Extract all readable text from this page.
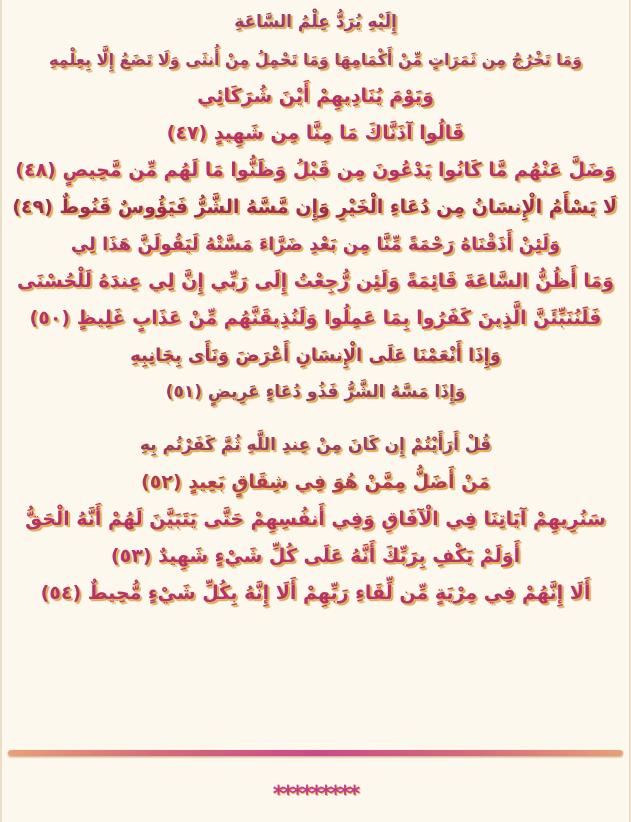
إِلَيْهِ يُرَدُّ عِلْمُ السَّاعَةِ
وَمَا تَخْرُجُ مِن ثَمَرَاتٍ مِّنْ أَكْمَامِهَا وَمَا تَحْمِلُ مِنْ أُنثَى وَلَا تَضَعُ إِلَّا بِعِلْمِهِ
وَيَوْمَ يُنَادِيهِمْ أَيْنَ شُرَكَائِي
قَالُوا آذَنَّاكَ مَا مِنَّا مِن شَهِيدٍ (٤٧)
وَضَلَّ عَنْهُم مَّا كَانُوا يَدْعُونَ مِن قَبْلُ وَظَنُّوا مَا لَهُم مِّن مَّحِيصٍ (٤٨)
لَا يَسْأَمُ الْإِنسَانُ مِن دُعَاءِ الْخَيْرِ وَإِن مَّسَّهُ الشَّرُّ فَيَؤُوسٌ قَنُوطٌ (٤٩)
وَلَئِنْ أَذَقْنَاهُ رَحْمَةً مِّنَّا مِن بَعْدِ ضَرَّاءَ مَسَّتْهُ لَيَقُولَنَّ هَذَا لِي
وَمَا أَظُنُّ السَّاعَةَ قَائِمَةً وَلَئِن رُّجِعْتُ إِلَى رَبِّي إِنَّ لِي عِندَهُ لَلْحُسْنَى
فَلَنُنَبِّئَنَّ الَّذِينَ كَفَرُوا بِمَا عَمِلُوا وَلَنُذِيقَنَّهُم مِّنْ عَذَابٍ غَلِيظٍ (٥٠)
وَإِذَا أَنْعَمْنَا عَلَى الْإِنسَانِ أَعْرَضَ وَنَأَى بِجَانِبِهِ
وَإِذَا مَسَّهُ الشَّرُّ فَذُو دُعَاءٍ عَرِيضٍ (٥١)
قُلْ أَرَأَيْتُمْ إِن كَانَ مِنْ عِندِ اللَّهِ ثُمَّ كَفَرْتُم بِهِ
مَنْ أَضَلُّ مِمَّنْ هُوَ فِي شِقَاقٍ بَعِيدٍ (٥٢)
سَنُرِيهِمْ آيَاتِنَا فِي الْآفَاقِ وَفِي أَنفُسِهِمْ حَتَّى يَتَبَيَّنَ لَهُمْ أَنَّهُ الْحَقُّ
أَوَلَمْ يَكْفِ بِرَبِّكَ أَنَّهُ عَلَى كُلِّ شَيْءٍ شَهِيدٌ (٥٣)
أَلَا إِنَّهُمْ فِي مِرْيَةٍ مِّن لِّقَاءِ رَبِّهِمْ أَلَا إِنَّهُ بِكُلِّ شَيْءٍ مُّحِيطٌ (٥٤)
*********
